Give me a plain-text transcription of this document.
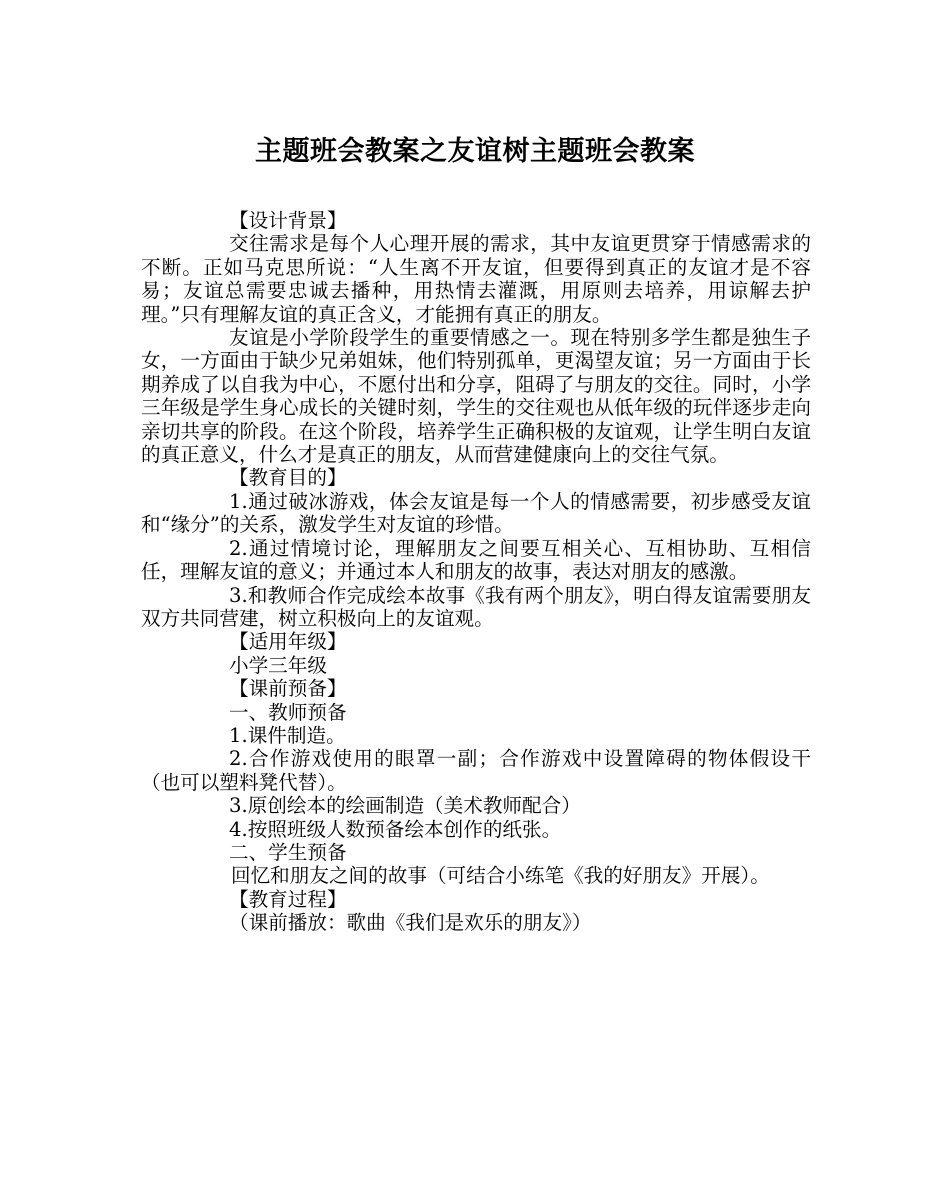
主题班会教案之友谊树主题班会教案

【设计背景】

交往需求是每个人心理开展的需求，其中友谊更贯穿于情感需求的不断。正如马克思所说：“人生离不开友谊，但要得到真正的友谊才是不容易；友谊总需要忠诚去播种，用热情去灌溉，用原则去培养，用谅解去护理。”只有理解友谊的真正含义，才能拥有真正的朋友。

友谊是小学阶段学生的重要情感之一。现在特别多学生都是独生子女，一方面由于缺少兄弟姐妹，他们特别孤单，更渴望友谊；另一方面由于长期养成了以自我为中心，不愿付出和分享，阻碍了与朋友的交往。同时，小学三年级是学生身心成长的关键时刻，学生的交往观也从低年级的玩伴逐步走向亲切共享的阶段。在这个阶段，培养学生正确积极的友谊观，让学生明白友谊的真正意义，什么才是真正的朋友，从而营建健康向上的交往气氛。

【教育目的】

1.通过破冰游戏，体会友谊是每一个人的情感需要，初步感受友谊和“缘分”的关系，激发学生对友谊的珍惜。

2.通过情境讨论，理解朋友之间要互相关心、互相协助、互相信任，理解友谊的意义；并通过本人和朋友的故事，表达对朋友的感激。

3.和教师合作完成绘本故事《我有两个朋友》，明白得友谊需要朋友双方共同营建，树立积极向上的友谊观。

【适用年级】

小学三年级

【课前预备】

一、教师预备

1.课件制造。

2.合作游戏使用的眼罩一副；合作游戏中设置障碍的物体假设干（也可以塑料凳代替）。

3.原创绘本的绘画制造（美术教师配合）

4.按照班级人数预备绘本创作的纸张。

二、学生预备

回忆和朋友之间的故事（可结合小练笔《我的好朋友》开展）。

【教育过程】

（课前播放：歌曲《我们是欢乐的朋友》）
